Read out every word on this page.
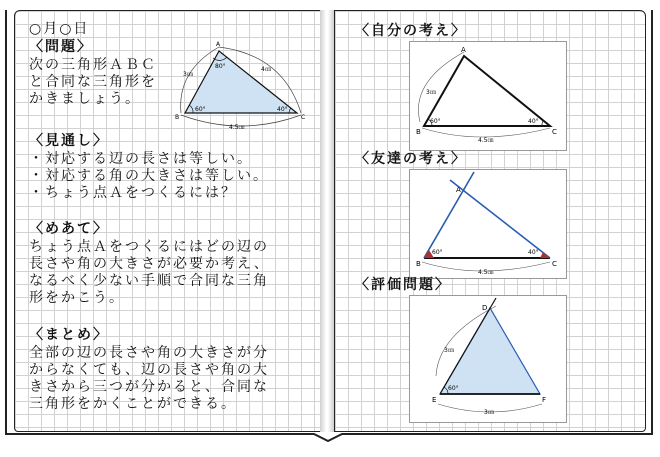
○月○日
〈問題〉
次の三角形ＡＢＣ
と合同な三角形を
かきましょう。
A
B	C
80°
60°	40°
3㎝
4㎝
4.5㎝
〈見通し〉
・対応する辺の長さは等しい。
・対応する角の大きさは等しい。
・ちょう点Ａをつくるには？
〈めあて〉
ちょう点Ａをつくるにはどの辺の
長さや角の大きさが必要か考え、
なるべく少ない手順で合同な三角
形をかこう。
〈まとめ〉
全部の辺の長さや角の大きさが分
からなくても、辺の長さや角の大
きさから三つが分かると、合同な
三角形をかくことができる。
〈自分の考え〉
A
B	C
3㎝
60°	40°
4.5㎝
〈友達の考え〉
A
B	C
60°	40°
4.5㎝
〈評価問題〉
D
E	F
3㎝
60°
3㎝
